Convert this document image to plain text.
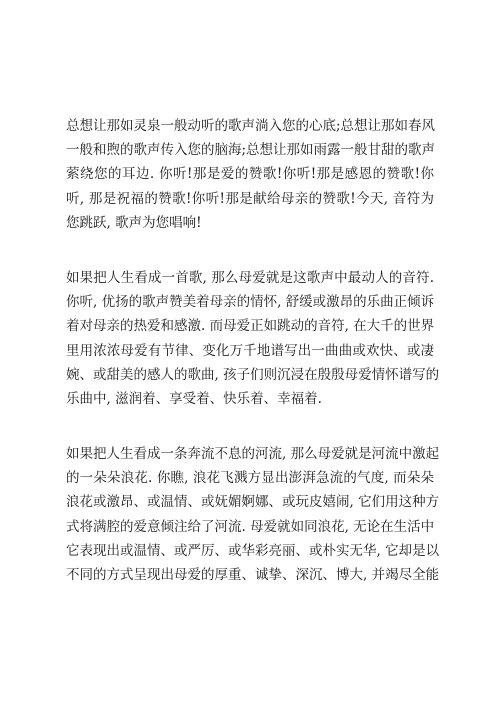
总想让那如灵泉一般动听的歌声淌入您的心底;总想让那如春风
一般和煦的歌声传入您的脑海;总想让那如雨露一般甘甜的歌声
萦绕您的耳边. 你听!那是爱的赞歌!你听!那是感恩的赞歌!你
听, 那是祝福的赞歌!你听!那是献给母亲的赞歌!今天, 音符为
您跳跃, 歌声为您唱响!
如果把人生看成一首歌, 那么母爱就是这歌声中最动人的音符.
你听, 优扬的歌声赞美着母亲的情怀, 舒缓或激昂的乐曲正倾诉
着对母亲的热爱和感激. 而母爱正如跳动的音符, 在大千的世界
里用浓浓母爱有节律、变化万千地谱写出一曲曲或欢快、或凄
婉、或甜美的感人的歌曲, 孩子们则沉浸在殷殷母爱情怀谱写的
乐曲中, 滋润着、享受着、快乐着、幸福着.
如果把人生看成一条奔流不息的河流, 那么母爱就是河流中激起
的一朵朵浪花. 你瞧, 浪花飞溅方显出澎湃急流的气度, 而朵朵
浪花或激昂、或温情、或妩媚婀娜、或玩皮嬉闹, 它们用这种方
式将满腔的爱意倾注给了河流. 母爱就如同浪花, 无论在生活中
它表现出或温情、或严厉、或华彩亮丽、或朴实无华, 它却是以
不同的方式呈现出母爱的厚重、诚挚、深沉、博大, 并竭尽全能
